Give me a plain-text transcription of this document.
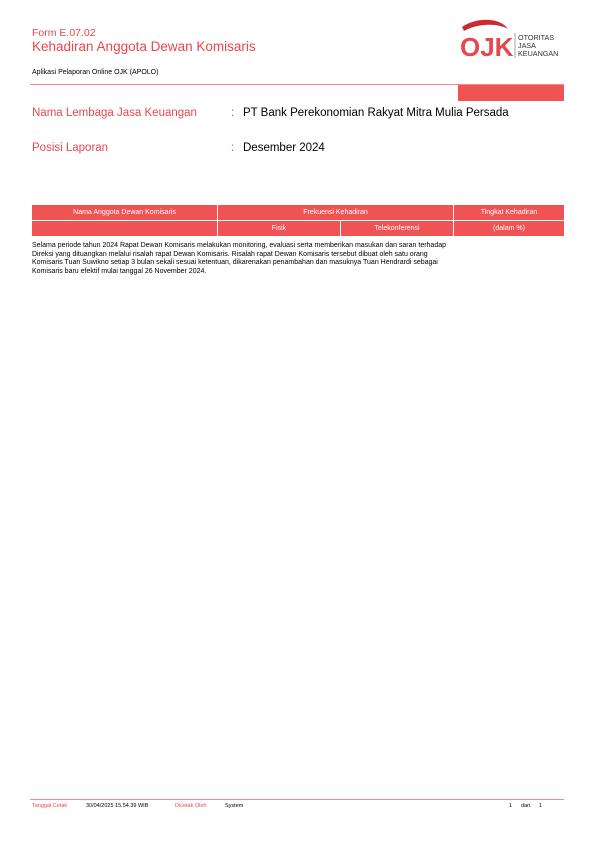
Form E.07.02
Kehadiran Anggota Dewan Komisaris
Aplikasi Pelaporan Online OJK (APOLO)
OJK OTORITAS
JASA
KEUANGAN
Nama Lembaga Jasa Keuangan	: PT Bank Perekonomian Rakyat Mitra Mulia Persada
Posisi Laporan	: Desember 2024
Nama Anggota Dewan Komisaris	Frekuensi Kehadiran		Tingkat Kehadiran
	Fisik	Telekonferensi	(dalam %)
Selama periode tahun 2024 Rapat Dewan Komisaris melakukan monitoring, evaluasi serta memberikan masukan dan saran terhadap Direksi yang dituangkan melalui risalah rapat Dewan Komisaris. Risalah rapat Dewan Komisaris tersebut dibuat oleh satu orang Komisaris Tuan Suwikno setiap 3 bulan sekali sesuai ketentuan, dikarenakan penambahan dan masuknya Tuan Hendrardi sebagai Komisaris baru efektif mulai tanggal 26 November 2024.
Tanggal Cetak	30/04/2025 15.54.39 WIB	Dicetak Oleh	System	1 dari 1
